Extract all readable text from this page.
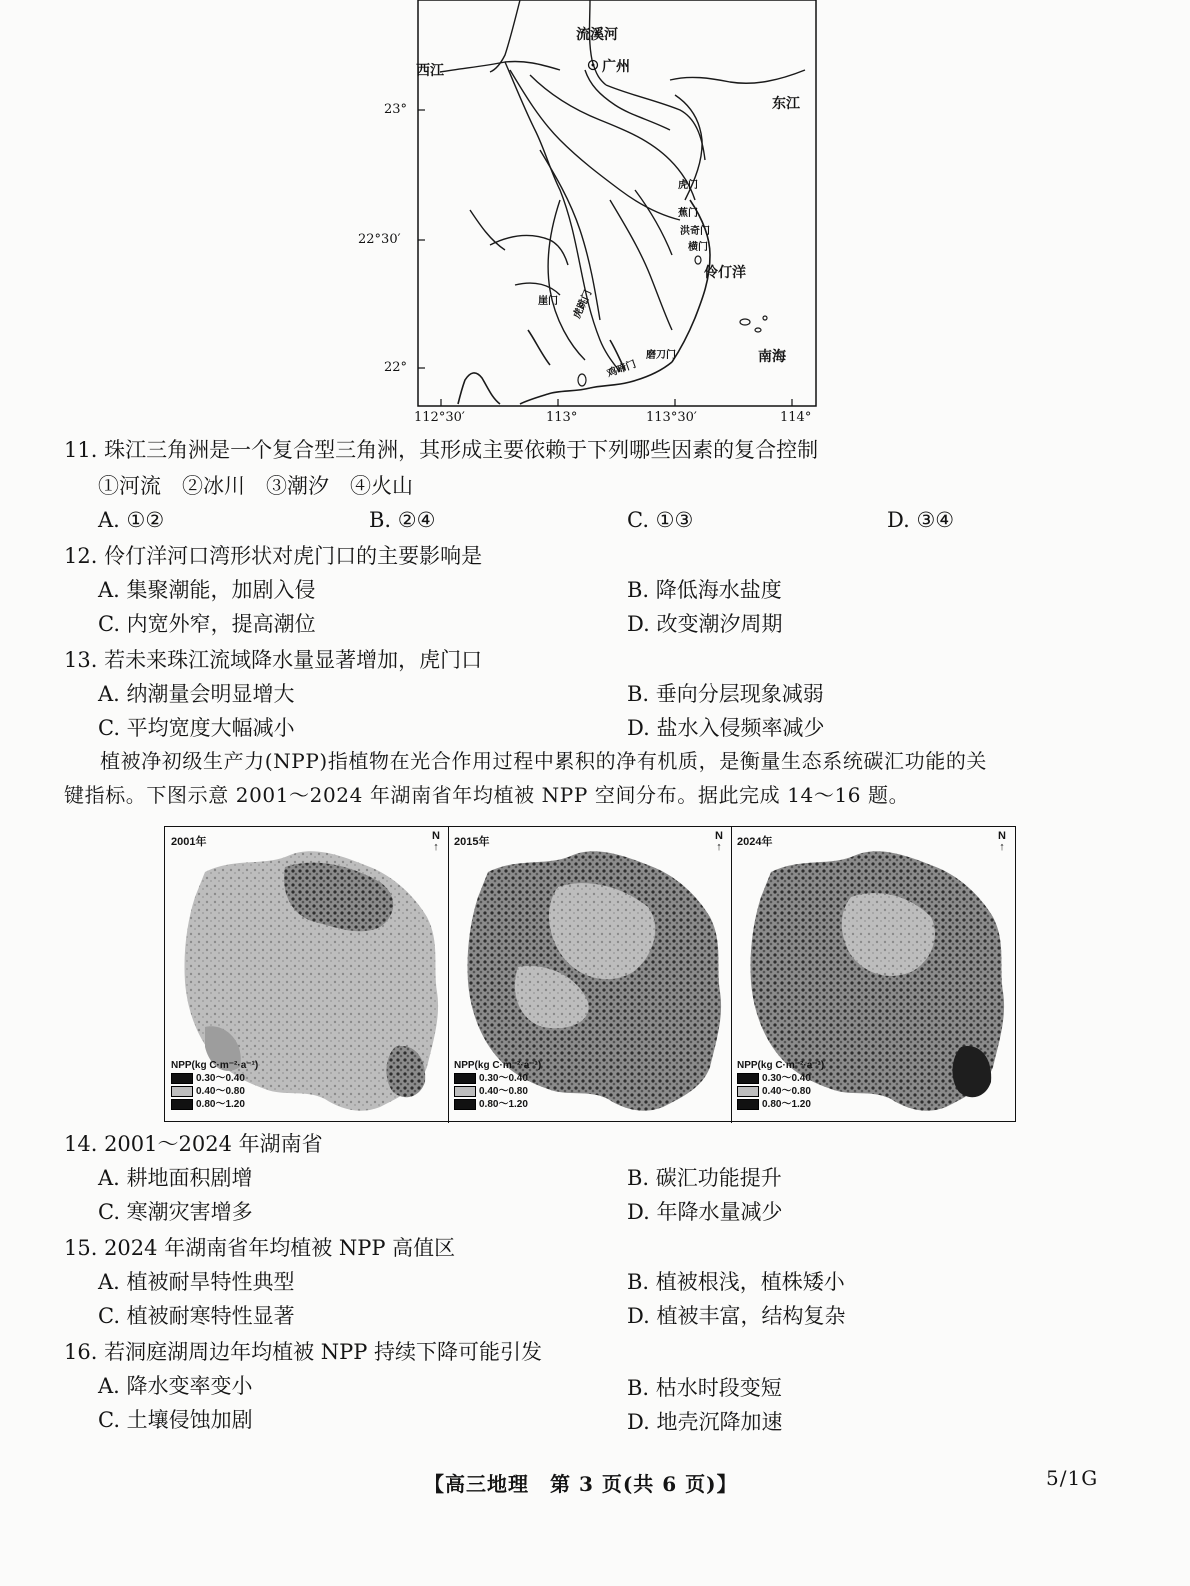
流溪河
广州
西江
东江
虎门
蕉门
洪奇门
横门
伶仃洋
崖门	虎跳门
磨刀门
鸡啼门
南海
23°
22°30′
22°
112°30′	113°	113°30′	114°
11. 珠江三角洲是一个复合型三角洲，其形成主要依赖于下列哪些因素的复合控制
①河流　②冰川　③潮汐　④火山
A. ①②	B. ②④	C. ①③	D. ③④
12. 伶仃洋河口湾形状对虎门口的主要影响是
A. 集聚潮能，加剧入侵	B. 降低海水盐度
C. 内宽外窄，提高潮位	D. 改变潮汐周期
13. 若未来珠江流域降水量显著增加，虎门口
A. 纳潮量会明显增大	B. 垂向分层现象减弱
C. 平均宽度大幅减小	D. 盐水入侵频率减少
植被净初级生产力(NPP)指植物在光合作用过程中累积的净有机质，是衡量生态系统碳汇功能的关
键指标。下图示意 2001～2024 年湖南省年均植被 NPP 空间分布。据此完成 14～16 题。
2001年	N
↑
NPP(kg C·m⁻²·a⁻¹)
0.30～0.40
0.40～0.80
0.80～1.20
2015年	N
↑
NPP(kg C·m⁻²·a⁻¹)
0.30～0.40
0.40～0.80
0.80～1.20
2024年	N
↑
NPP(kg C·m⁻²·a⁻¹)
0.30～0.40
0.40～0.80
0.80～1.20
14. 2001～2024 年湖南省
A. 耕地面积剧增	B. 碳汇功能提升
C. 寒潮灾害增多	D. 年降水量减少
15. 2024 年湖南省年均植被 NPP 高值区
A. 植被耐旱特性典型	B. 植被根浅，植株矮小
C. 植被耐寒特性显著	D. 植被丰富，结构复杂
16. 若洞庭湖周边年均植被 NPP 持续下降可能引发
A. 降水变率变小	B. 枯水时段变短
C. 土壤侵蚀加剧	D. 地壳沉降加速
【高三地理　第 3 页(共 6 页)】	5/1G
